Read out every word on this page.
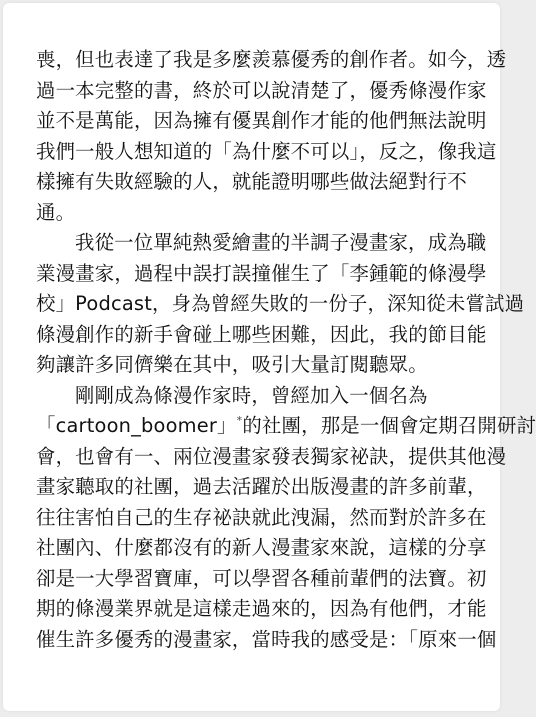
喪，但也表達了我是多麼羨慕優秀的創作者。如今，透
過一本完整的書，終於可以說清楚了，優秀條漫作家
並不是萬能，因為擁有優異創作才能的他們無法說明
我們一般人想知道的「為什麼不可以」，反之，像我這
樣擁有失敗經驗的人，就能證明哪些做法絕對行不
通。
我從一位單純熱愛繪畫的半調子漫畫家，成為職
業漫畫家，過程中誤打誤撞催生了「李鍾範的條漫學
校」Podcast，身為曾經失敗的一份子，深知從未嘗試過
條漫創作的新手會碰上哪些困難，因此，我的節目能
夠讓許多同儕樂在其中，吸引大量訂閱聽眾。
剛剛成為條漫作家時，曾經加入一個名為
「cartoon_boomer」*的社團，那是一個會定期召開研討
會，也會有一、兩位漫畫家發表獨家祕訣，提供其他漫
畫家聽取的社團，過去活躍於出版漫畫的許多前輩，
往往害怕自己的生存祕訣就此洩漏，然而對於許多在
社團內、什麼都沒有的新人漫畫家來說，這樣的分享
卻是一大學習寶庫，可以學習各種前輩們的法寶。初
期的條漫業界就是這樣走過來的，因為有他們，才能
催生許多優秀的漫畫家，當時我的感受是：「原來一個
